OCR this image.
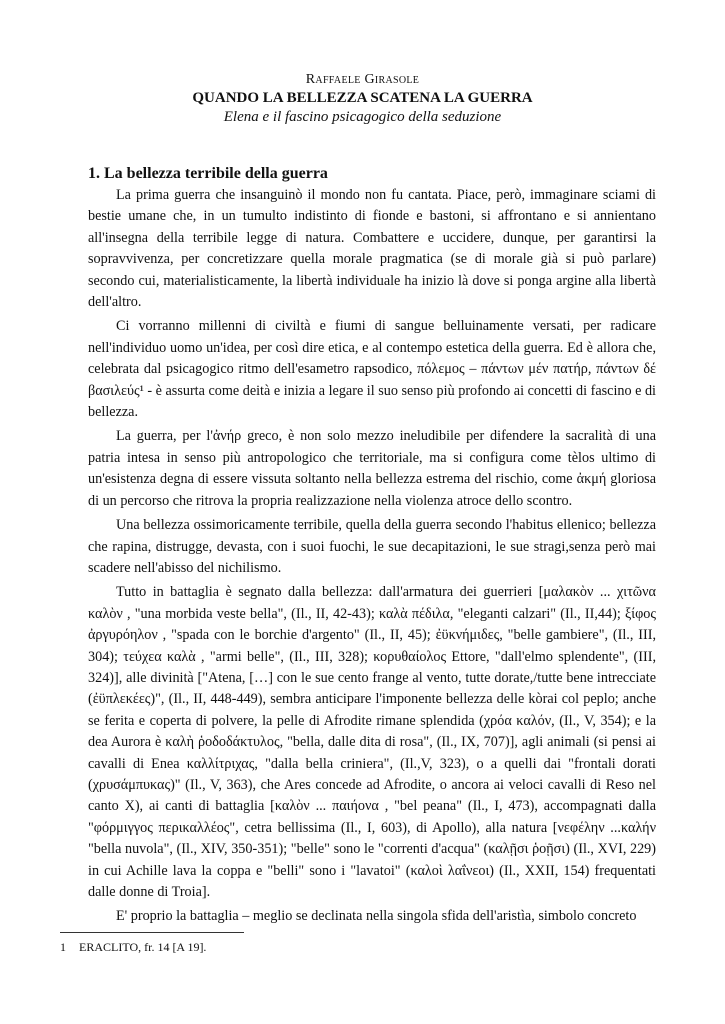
Raffaele Girasole
QUANDO LA BELLEZZA SCATENA LA GUERRA
Elena e il fascino psicagogico della seduzione
1. La bellezza terribile della guerra
La prima guerra che insanguinò il mondo non fu cantata. Piace, però, immaginare sciami di bestie umane che, in un tumulto indistinto di fionde e bastoni, si affrontano e si annientano all'insegna della terribile legge di natura. Combattere e uccidere, dunque, per garantirsi la sopravvivenza, per concretizzare quella morale pragmatica (se di morale già si può parlare) secondo cui, materialisticamente, la libertà individuale ha inizio là dove si ponga argine alla libertà dell'altro.
Ci vorranno millenni di civiltà e fiumi di sangue belluinamente versati, per radicare nell'individuo uomo un'idea, per così dire etica, e al contempo estetica della guerra. Ed è allora che, celebrata dal psicagogico ritmo dell'esametro rapsodico, πόλεμος – πάντων μέν πατήρ, πάντων δέ βασιλεύς¹ - è assurta come deità e inizia a legare il suo senso più profondo ai concetti di fascino e di bellezza.
La guerra, per l'ἀνήρ greco, è non solo mezzo ineludibile per difendere la sacralità di una patria intesa in senso più antropologico che territoriale, ma si configura come tèlos ultimo di un'esistenza degna di essere vissuta soltanto nella bellezza estrema del rischio, come ἀκμή gloriosa di un percorso che ritrova la propria realizzazione nella violenza atroce dello scontro.
Una bellezza ossimoricamente terribile, quella della guerra secondo l'habitus ellenico; bellezza che rapina, distrugge, devasta, con i suoi fuochi, le sue decapitazioni, le sue stragi,senza però mai scadere nell'abisso del nichilismo.
Tutto in battaglia è segnato dalla bellezza: dall'armatura dei guerrieri [μαλακὸν ... χιτῶνα καλὸν , "una morbida veste bella", (Il., II, 42-43); καλὰ πέδιλα, "eleganti calzari" (Il., II,44); ξίφος ἀργυρόηλον , "spada con le borchie d'argento" (Il., II, 45); ἐϋκνήμιδες, "belle gambiere", (Il., III, 304); τεύχεα καλὰ , "armi belle", (Il., III, 328); κορυθαίολος Ettore, "dall'elmo splendente", (III, 324)], alle divinità ["Atena, […] con le sue cento frange al vento, tutte dorate,/tutte bene intrecciate (ἐϋπλεκέες)", (Il., II, 448-449), sembra anticipare l'imponente bellezza delle kòrai col peplo; anche se ferita e coperta di polvere, la pelle di Afrodite rimane splendida (χρόα καλόν, (Il., V, 354); e la dea Aurora è καλὴ ῥοδοδάκτυλος, "bella, dalle dita di rosa", (Il., IX, 707)], agli animali (si pensi ai cavalli di Enea καλλίτριχας, "dalla bella criniera", (Il.,V, 323), o a quelli dai "frontali dorati (χρυσάμπυκας)" (Il., V, 363), che Ares concede ad Afrodite, o ancora ai veloci cavalli di Reso nel canto X), ai canti di battaglia [καλὸν ... παιήονα , "bel peana" (Il., I, 473), accompagnati dalla "φόρμιγγος περικαλλέος", cetra bellissima (Il., I, 603), di Apollo), alla natura [νεφέλην ...καλήν "bella nuvola", (Il., XIV, 350-351); "belle" sono le "correnti d'acqua" (καλῇσι ῥοῇσι) (Il., XVI, 229) in cui Achille lava la coppa e "belli" sono i "lavatoi" (καλοὶ λαΐνεοι) (Il., XXII, 154) frequentati dalle donne di Troia].
E' proprio la battaglia – meglio se declinata nella singola sfida dell'aristìa, simbolo concreto
1 ERACLITO, fr. 14 [A 19].
